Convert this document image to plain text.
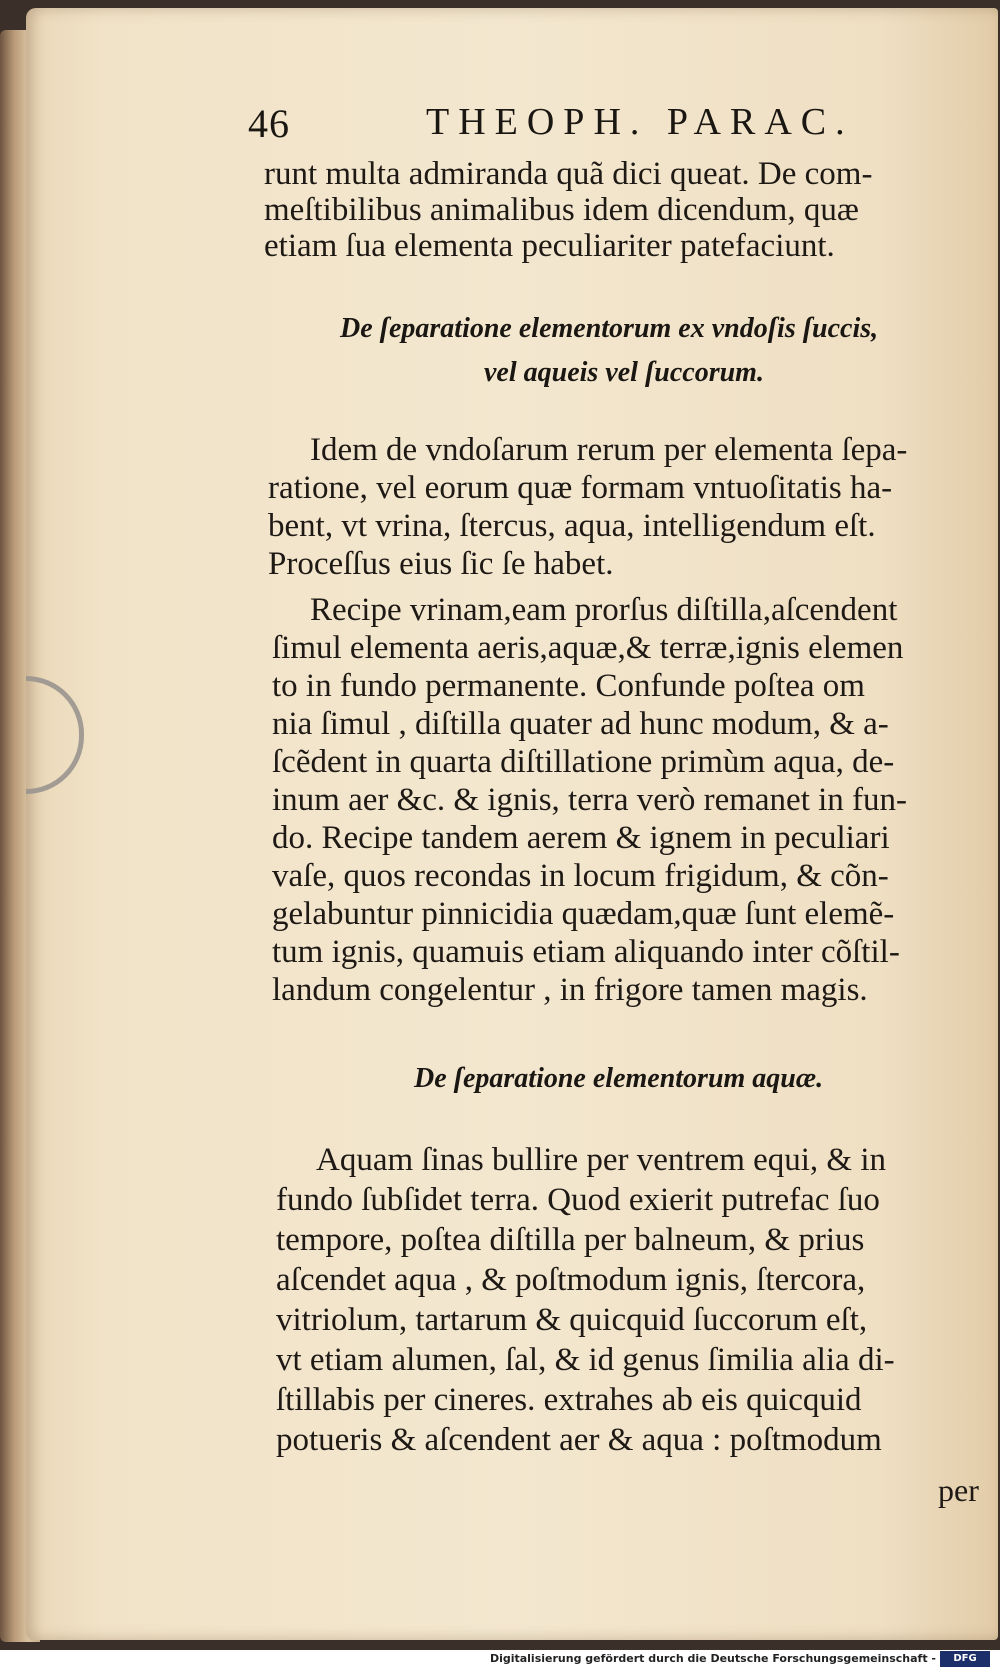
46	THEOPH. PARAC.
runt multa admiranda quã dici queat. De com-
meſtibilibus animalibus idem dicendum, quæ
etiam ſua elementa peculiariter patefaciunt.
De ſeparatione elementorum ex vndoſis ſuccis,
vel aqueis vel ſuccorum.
Idem de vndoſarum rerum per elementa ſepa-
ratione, vel eorum quæ formam vntuoſitatis ha-
bent, vt vrina, ſtercus, aqua, intelligendum eſt.
Proceſſus eius ſic ſe habet.
Recipe vrinam,eam prorſus diſtilla,aſcendent
ſimul elementa aeris,aquæ,& terræ,ignis elemen
to in fundo permanente. Confunde poſtea om
nia ſimul , diſtilla quater ad hunc modum, & a-
ſcẽdent in quarta diſtillatione primùm aqua, de-
inum aer &c. & ignis, terra verò remanet in fun-
do. Recipe tandem aerem & ignem in peculiari
vaſe, quos recondas in locum frigidum, & cõn-
gelabuntur pinnicidia quædam,quæ ſunt elemẽ-
tum ignis, quamuis etiam aliquando inter cõſtil-
landum congelentur , in frigore tamen magis.
De ſeparatione elementorum aquæ.
Aquam ſinas bullire per ventrem equi, & in
fundo ſubſidet terra. Quod exierit putrefac ſuo
tempore, poſtea diſtilla per balneum, & prius
aſcendet aqua , & poſtmodum ignis, ſtercora,
vitriolum, tartarum & quicquid ſuccorum eſt,
vt etiam alumen, ſal, & id genus ſimilia alia di-
ſtillabis per cineres. extrahes ab eis quicquid
potueris & aſcendent aer & aqua : poſtmodum
per
Digitalisierung gefördert durch die Deutsche Forschungsgemeinschaft -	DFG
